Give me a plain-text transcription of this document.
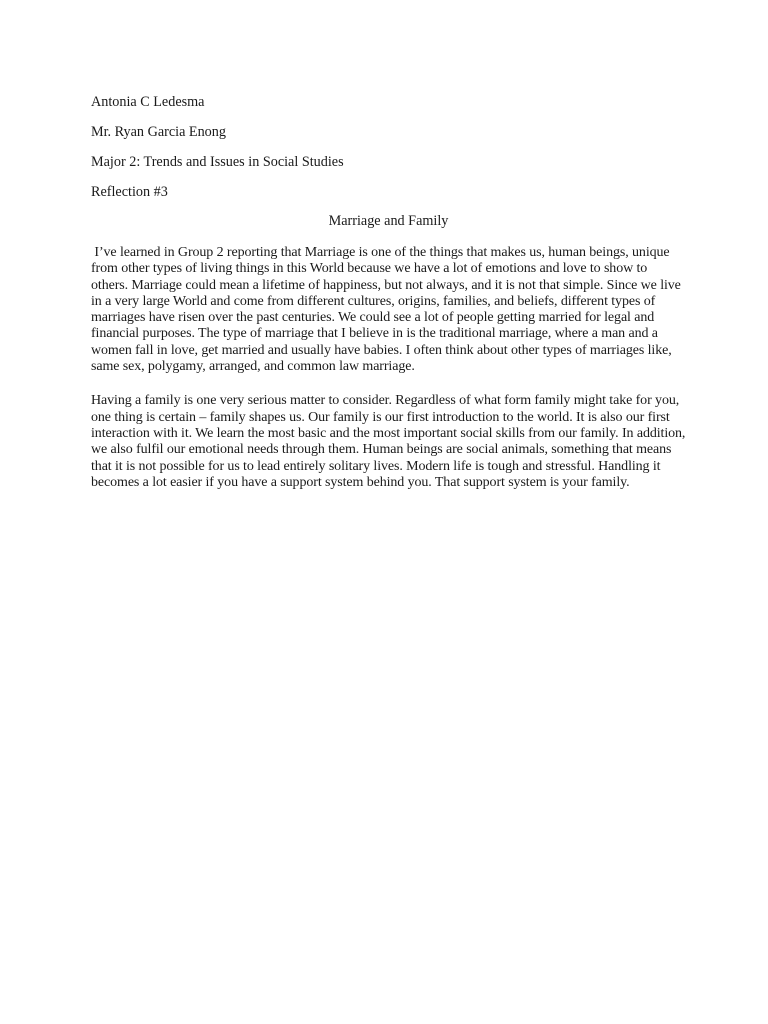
Antonia C Ledesma

Mr. Ryan Garcia Enong

Major 2: Trends and Issues in Social Studies

Reflection #3

Marriage and Family

I’ve learned in Group 2 reporting that Marriage is one of the things that makes us, human beings, unique from other types of living things in this World because we have a lot of emotions and love to show to others. Marriage could mean a lifetime of happiness, but not always, and it is not that simple. Since we live in a very large World and come from different cultures, origins, families, and beliefs, different types of marriages have risen over the past centuries. We could see a lot of people getting married for legal and financial purposes. The type of marriage that I believe in is the traditional marriage, where a man and a women fall in love, get married and usually have babies. I often think about other types of marriages like, same sex, polygamy, arranged, and common law marriage.

Having a family is one very serious matter to consider. Regardless of what form family might take for you, one thing is certain – family shapes us. Our family is our first introduction to the world. It is also our first interaction with it. We learn the most basic and the most important social skills from our family. In addition, we also fulfil our emotional needs through them. Human beings are social animals, something that means that it is not possible for us to lead entirely solitary lives. Modern life is tough and stressful. Handling it becomes a lot easier if you have a support system behind you. That support system is your family.
